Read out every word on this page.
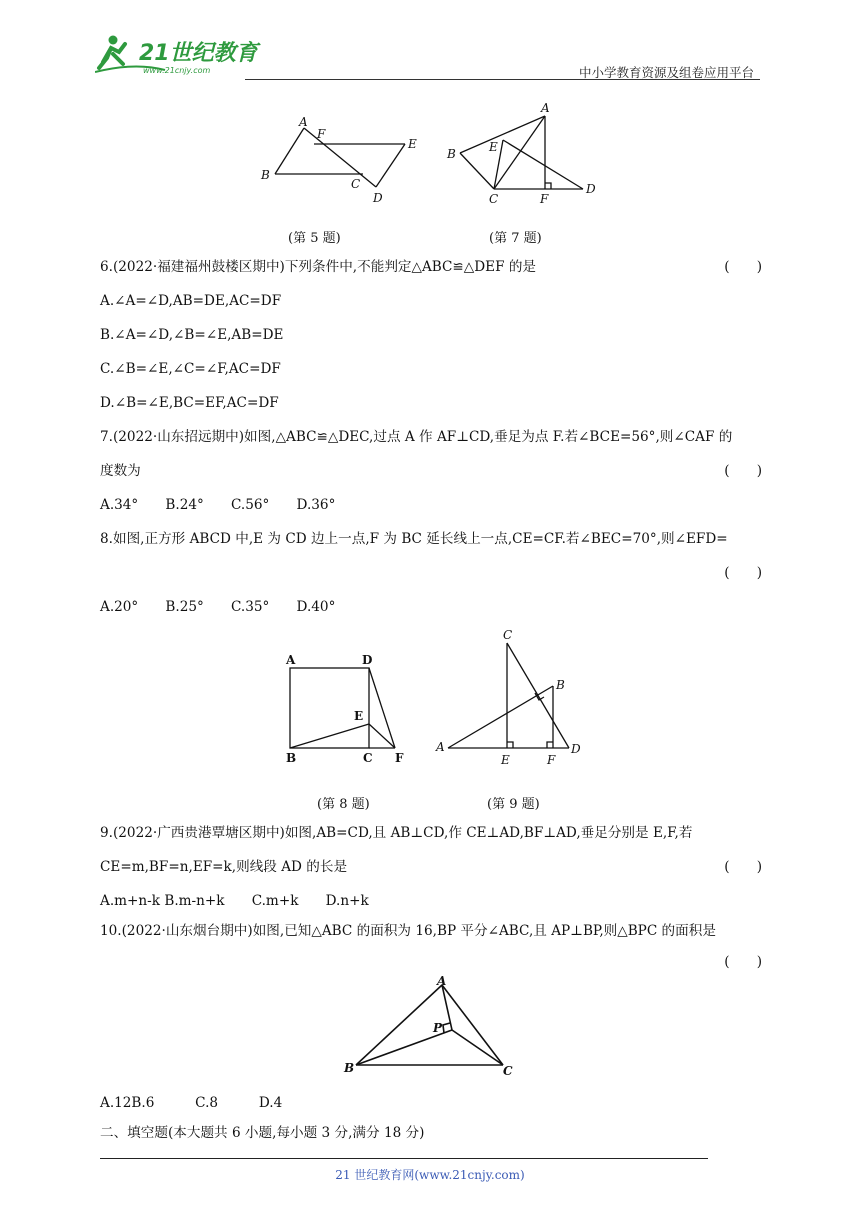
21世纪教育
www.21cnjy.com	中小学教育资源及组卷应用平台
A
F
B
C
D
E
(第 5 题)
A
B	E
C	F
D
(第 7 题)
6.(2022·福建福州鼓楼区期中)下列条件中,不能判定△ABC≌△DEF 的是	(　　)
A.∠A=∠D,AB=DE,AC=DF
B.∠A=∠D,∠B=∠E,AB=DE
C.∠B=∠E,∠C=∠F,AC=DF
D.∠B=∠E,BC=EF,AC=DF
7.(2022·山东招远期中)如图,△ABC≌△DEC,过点 A 作 AF⊥CD,垂足为点 F.若∠BCE=56°,则∠CAF 的
度数为	(　　)
A.34°　　B.24°　　C.56°　　D.36°
8.如图,正方形 ABCD 中,E 为 CD 边上一点,F 为 BC 延长线上一点,CE=CF.若∠BEC=70°,则∠EFD=
(　　)
A.20°　　B.25°　　C.35°　　D.40°
A	D
E
B	C F
(第 8 题)
C
B
A
E	F
D
(第 9 题)
9.(2022·广西贵港覃塘区期中)如图,AB=CD,且 AB⊥CD,作 CE⊥AD,BF⊥AD,垂足分别是 E,F,若
CE=m,BF=n,EF=k,则线段 AD 的长是	(　　)
A.m+n-k B.m-n+k　　C.m+k　　D.n+k
10.(2022·山东烟台期中)如图,已知△ABC 的面积为 16,BP 平分∠ABC,且 AP⊥BP,则△BPC 的面积是
(　　)
A
P
B	C
A.12B.6　　　C.8　　　D.4
二、填空题(本大题共 6 小题,每小题 3 分,满分 18 分)
21 世纪教育网(www.21cnjy.com)
